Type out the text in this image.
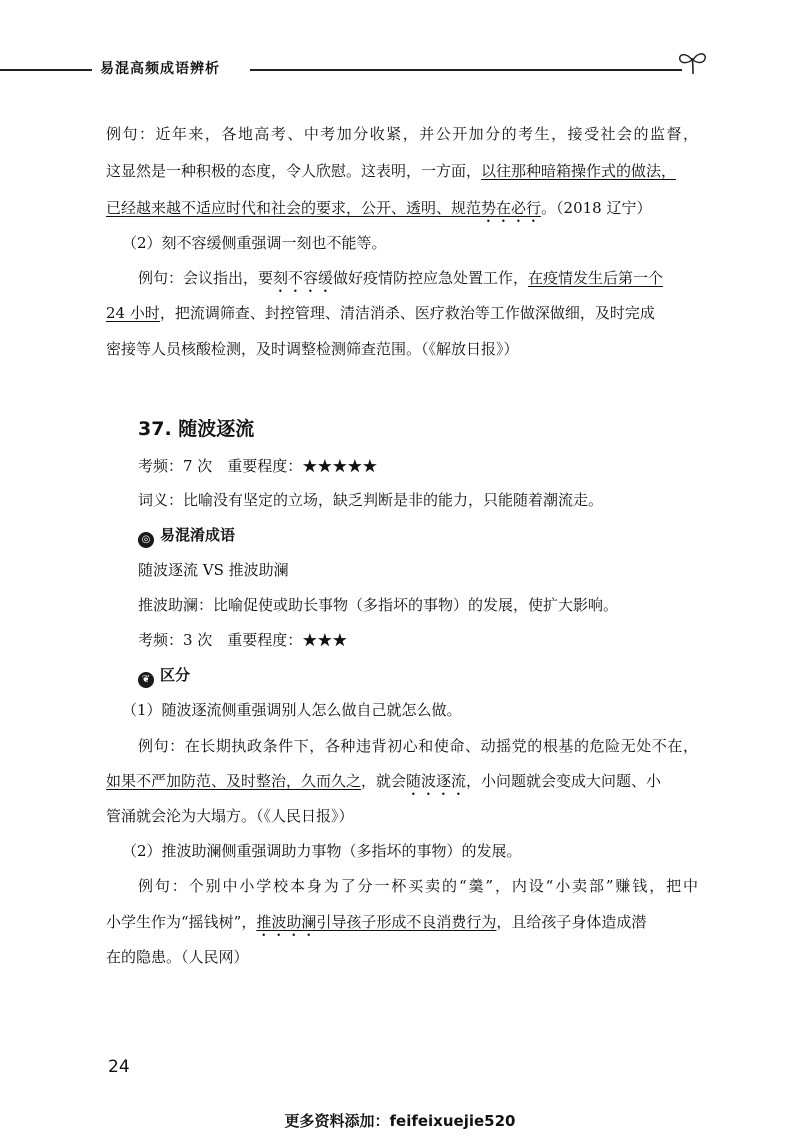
易混高频成语辨析
例句：近年来，各地高考、中考加分收紧，并公开加分的考生，接受社会的监督，
这显然是一种积极的态度，令人欣慰。这表明，一方面，以往那种暗箱操作式的做法，
已经越来越不适应时代和社会的要求，公开、透明、规范势在必行。（2018 辽宁）
（2）刻不容缓侧重强调一刻也不能等。
例句：会议指出，要刻不容缓做好疫情防控应急处置工作，在疫情发生后第一个
24 小时，把流调筛查、封控管理、清洁消杀、医疗救治等工作做深做细，及时完成
密接等人员核酸检测，及时调整检测筛查范围。（《解放日报》）
37. 随波逐流
考频：7 次　重要程度：★★★★★
词义：比喻没有坚定的立场，缺乏判断是非的能力，只能随着潮流走。
◎ 易混淆成语
随波逐流 VS 推波助澜
推波助澜：比喻促使或助长事物（多指坏的事物）的发展，使扩大影响。
考频：3 次　重要程度：★★★
❦ 区分
（1）随波逐流侧重强调别人怎么做自己就怎么做。
例句：在长期执政条件下，各种违背初心和使命、动摇党的根基的危险无处不在，
如果不严加防范、及时整治，久而久之，就会随波逐流，小问题就会变成大问题、小
管涌就会沦为大塌方。（《人民日报》）
（2）推波助澜侧重强调助力事物（多指坏的事物）的发展。
例句：个别中小学校本身为了分一杯买卖的“羹”，内设“小卖部”赚钱，把中
小学生作为“摇钱树”，推波助澜引导孩子形成不良消费行为，且给孩子身体造成潜
在的隐患。（人民网）
24
更多资料添加：feifeixuejie520
